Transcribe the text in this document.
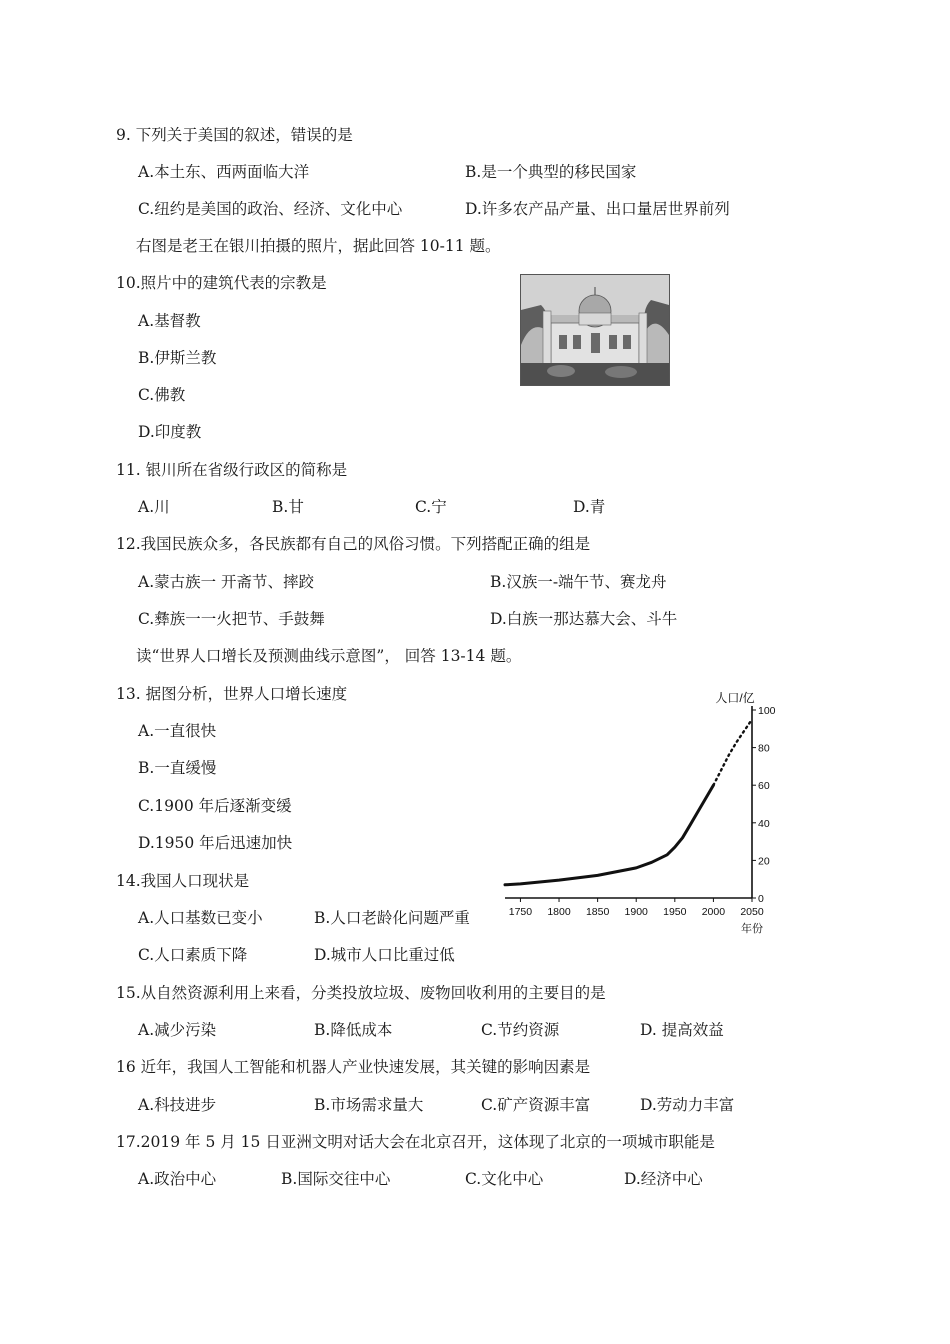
9. 下列关于美国的叙述，错误的是
A.本土东、西两面临大洋	B.是一个典型的移民国家
C.纽约是美国的政治、经济、文化中心	D.许多农产品产量、出口量居世界前列
右图是老王在银川拍摄的照片，据此回答 10-11 题。
10.照片中的建筑代表的宗教是
A.基督教
B.伊斯兰教
C.佛教
D.印度教
11. 银川所在省级行政区的简称是
A.川	B.甘	C.宁	D.青
12.我国民族众多，各民族都有自己的风俗习惯。下列搭配正确的组是
A.蒙古族一 开斋节、摔跤	B.汉族一-端午节、赛龙舟
C.彝族一一火把节、手鼓舞	D.白族一那达慕大会、斗牛
读“世界人口增长及预测曲线示意图”， 回答 13-14 题。
13. 据图分析，世界人口增长速度
A.一直很快
B.一直缓慢
C.1900 年后逐渐变缓
D.1950 年后迅速加快
人口/亿
年份
0
20
40
60
80
100
1750 1800 1850 1900 1950 2000 2050
14.我国人口现状是
A.人口基数已变小	B.人口老龄化问题严重
C.人口素质下降	D.城市人口比重过低
15.从自然资源利用上来看，分类投放垃圾、废物回收利用的主要目的是
A.减少污染	B.降低成本	C.节约资源	D. 提高效益
16 近年，我国人工智能和机器人产业快速发展，其关键的影响因素是
A.科技进步	B.市场需求量大	C.矿产资源丰富	D.劳动力丰富
17.2019 年 5 月 15 日亚洲文明对话大会在北京召开，这体现了北京的一项城市职能是
A.政治中心	B.国际交往中心	C.文化中心	D.经济中心
